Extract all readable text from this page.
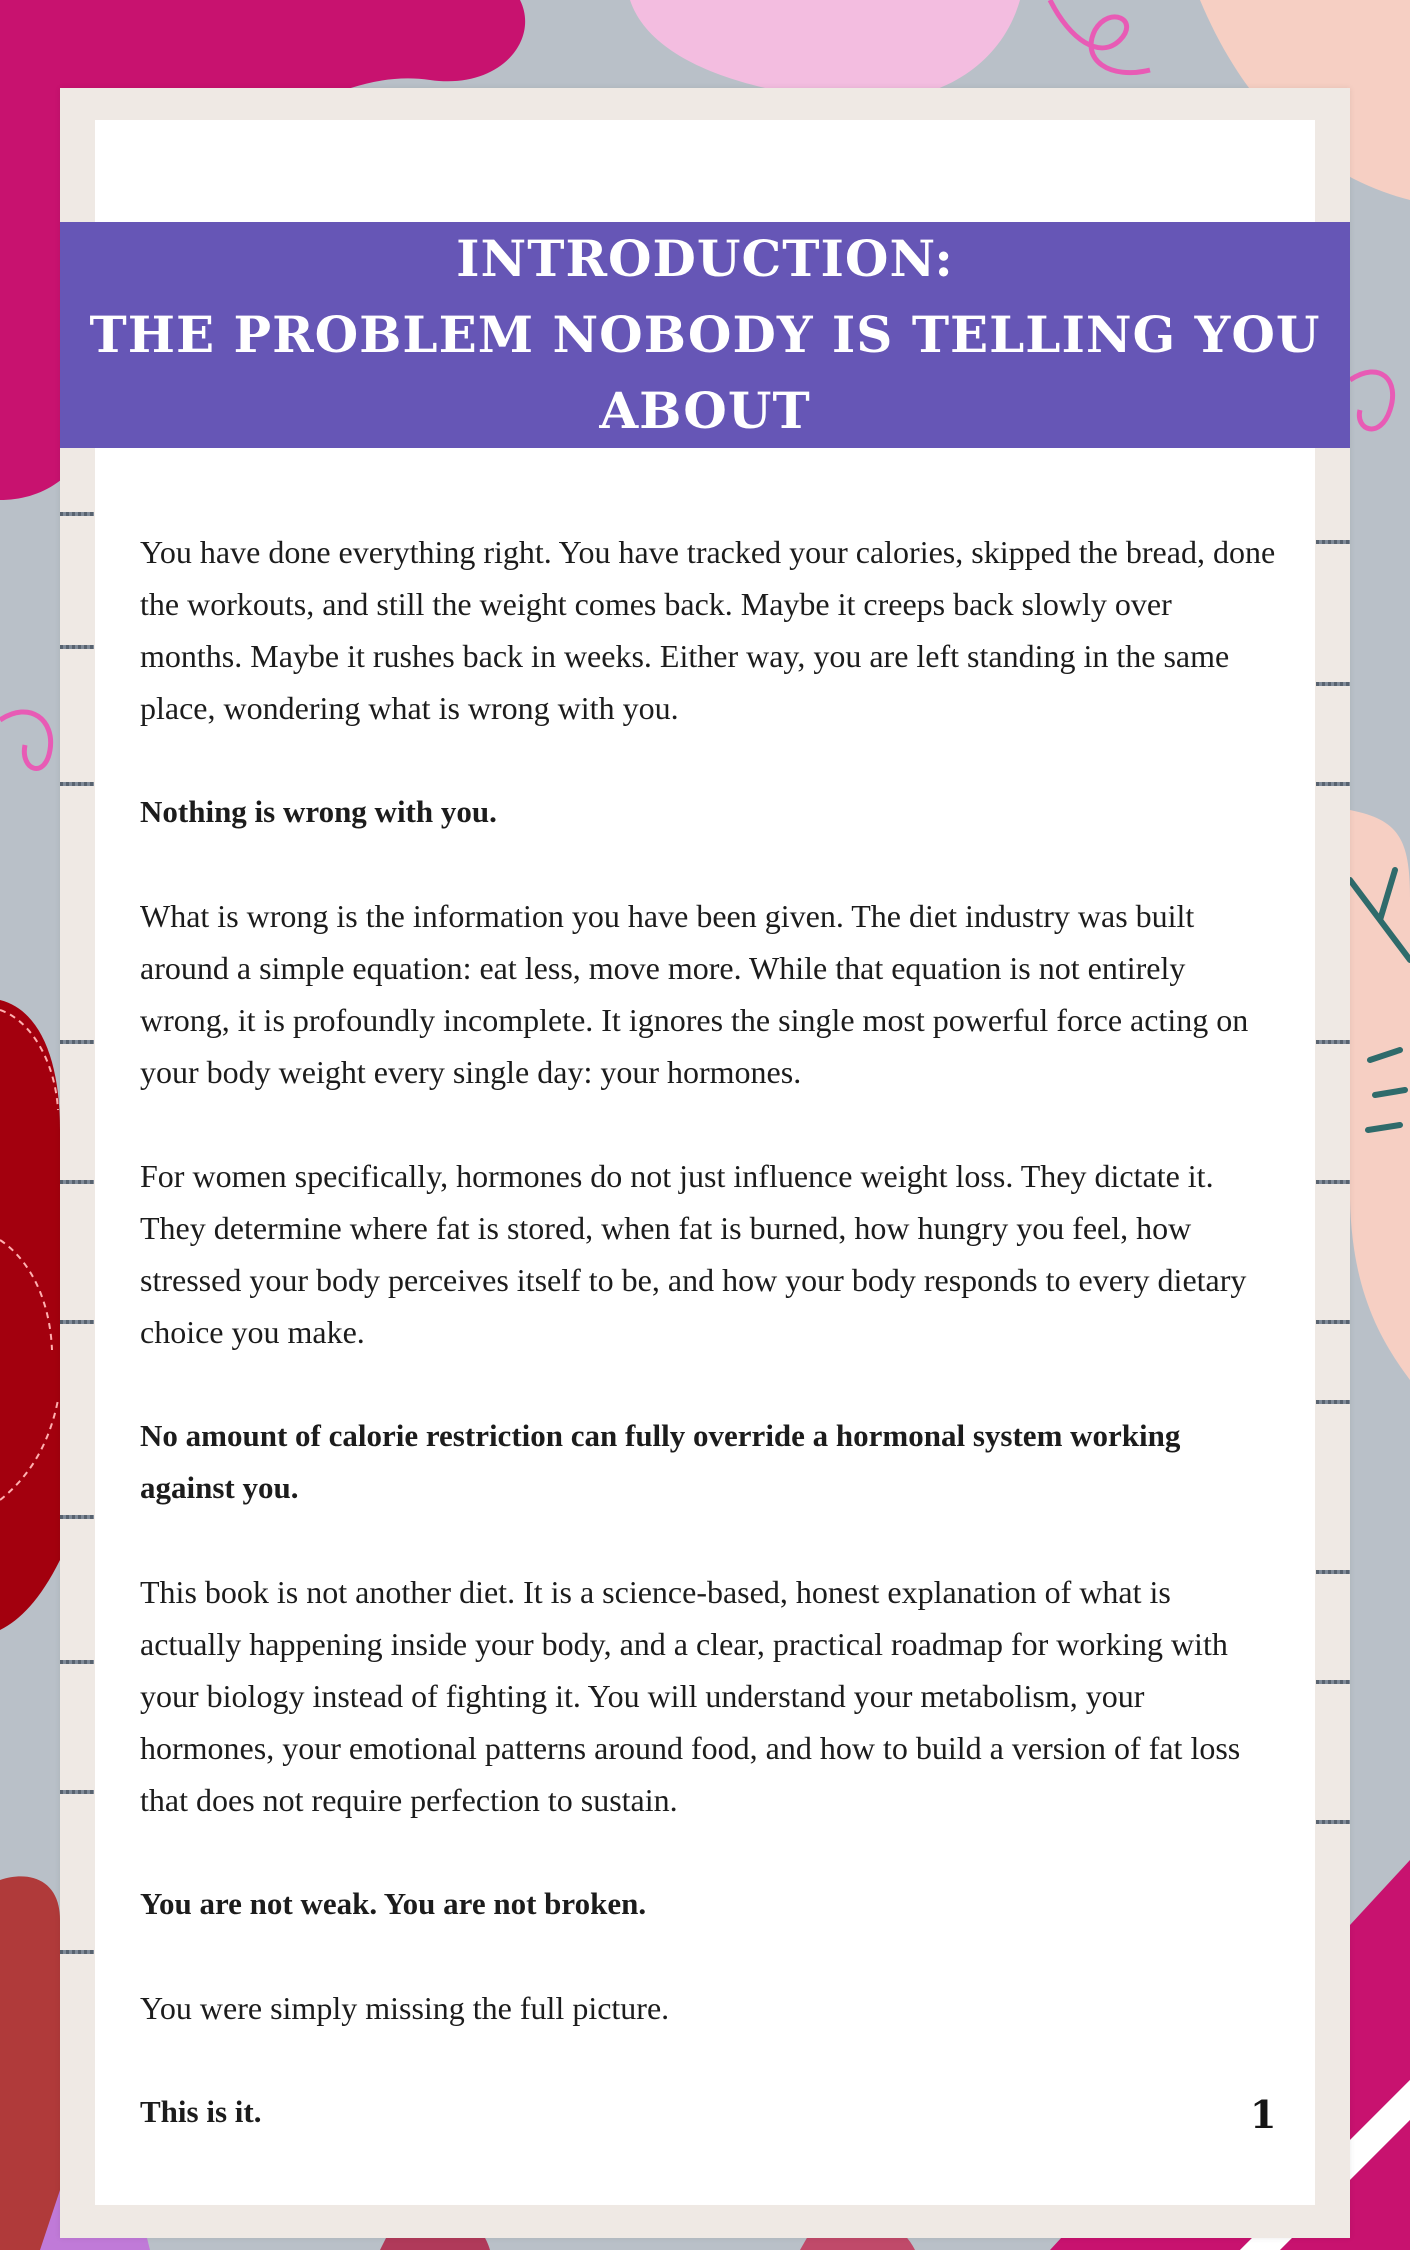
INTRODUCTION:
THE PROBLEM NOBODY IS TELLING YOU
ABOUT

You have done everything right. You have tracked your calories, skipped the bread, done the workouts, and still the weight comes back. Maybe it creeps back slowly over months. Maybe it rushes back in weeks. Either way, you are left standing in the same place, wondering what is wrong with you.

Nothing is wrong with you.

What is wrong is the information you have been given. The diet industry was built around a simple equation: eat less, move more. While that equation is not entirely wrong, it is profoundly incomplete. It ignores the single most powerful force acting on your body weight every single day: your hormones.

For women specifically, hormones do not just influence weight loss. They dictate it. They determine where fat is stored, when fat is burned, how hungry you feel, how stressed your body perceives itself to be, and how your body responds to every dietary choice you make.

No amount of calorie restriction can fully override a hormonal system working against you.

This book is not another diet. It is a science-based, honest explanation of what is actually happening inside your body, and a clear, practical roadmap for working with your biology instead of fighting it. You will understand your metabolism, your hormones, your emotional patterns around food, and how to build a version of fat loss that does not require perfection to sustain.

You are not weak. You are not broken.

You were simply missing the full picture.

This is it.	1
